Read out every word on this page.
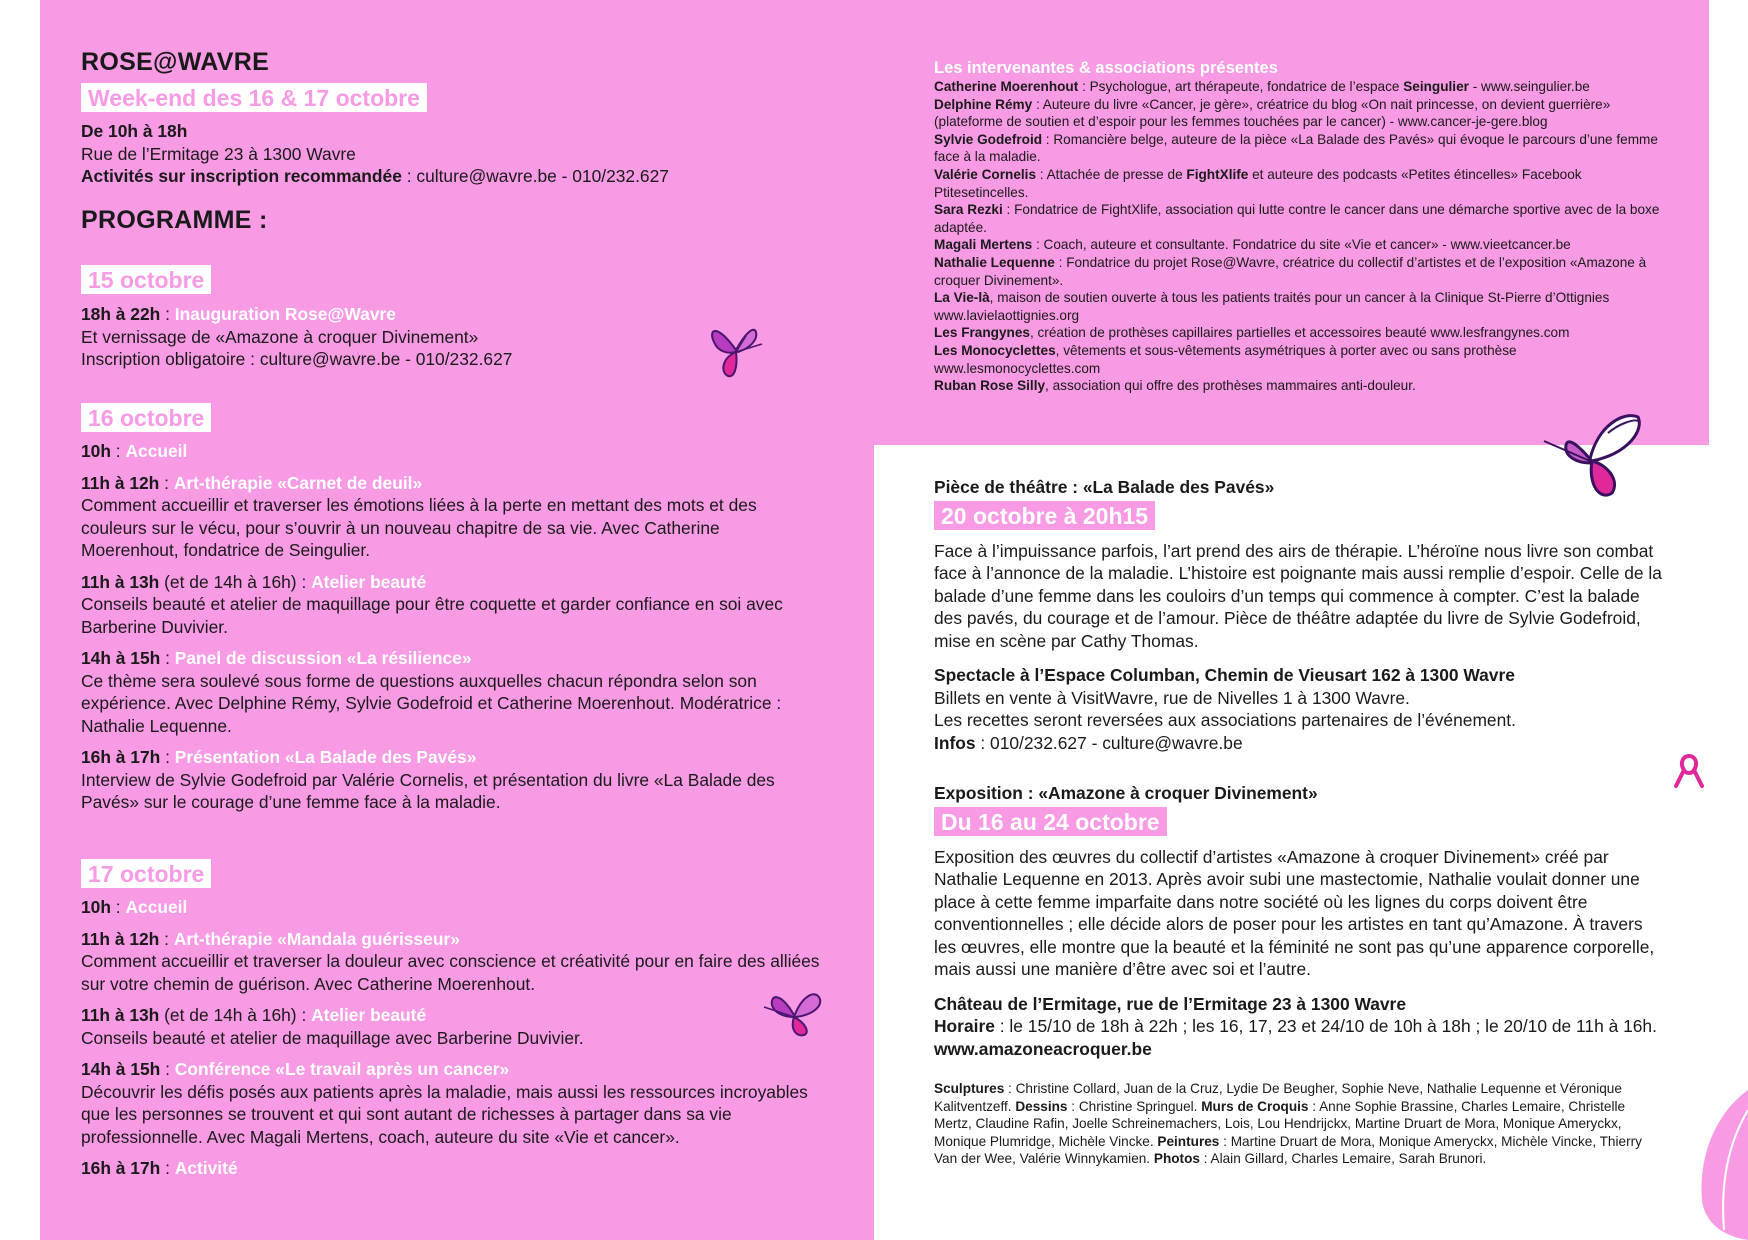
ROSE@WAVRE
Week-end des 16 & 17 octobre

De 10h à 18h

Rue de l’Ermitage 23 à 1300 Wavre

Activités sur inscription recommandée : culture@wavre.be - 010/232.627

PROGRAMME :
15 octobre

18h à 22h : Inauguration Rose@Wavre

Et vernissage de «Amazone à croquer Divinement»

Inscription obligatoire : culture@wavre.be - 010/232.627

16 octobre

10h : Accueil

11h à 12h : Art-thérapie «Carnet de deuil»

Comment accueillir et traverser les émotions liées à la perte en mettant des mots et des couleurs sur le vécu, pour s’ouvrir à un nouveau chapitre de sa vie. Avec Catherine Moerenhout, fondatrice de Seingulier.

11h à 13h (et de 14h à 16h) : Atelier beauté

Conseils beauté et atelier de maquillage pour être coquette et garder confiance en soi avec Barberine Duvivier.

14h à 15h : Panel de discussion «La résilience»

Ce thème sera soulevé sous forme de questions auxquelles chacun répondra selon son expérience. Avec Delphine Rémy, Sylvie Godefroid et Catherine Moerenhout. Modératrice : Nathalie Lequenne.

16h à 17h : Présentation «La Balade des Pavés»

Interview de Sylvie Godefroid par Valérie Cornelis, et présentation du livre «La Balade des Pavés» sur le courage d’une femme face à la maladie.

17 octobre

10h : Accueil

11h à 12h : Art-thérapie «Mandala guérisseur»

Comment accueillir et traverser la douleur avec conscience et créativité pour en faire des alliées sur votre chemin de guérison. Avec Catherine Moerenhout.

11h à 13h (et de 14h à 16h) : Atelier beauté

Conseils beauté et atelier de maquillage avec Barberine Duvivier.

14h à 15h : Conférence «Le travail après un cancer»

Découvrir les défis posés aux patients après la maladie, mais aussi les ressources incroyables que les personnes se trouvent et qui sont autant de richesses à partager dans sa vie professionnelle. Avec Magali Mertens, coach, auteure du site «Vie et cancer».

16h à 17h : Activité

Les intervenantes & associations présentes

Catherine Moerenhout : Psychologue, art thérapeute, fondatrice de l’espace Seingulier - www.seingulier.be

Delphine Rémy : Auteure du livre «Cancer, je gère», créatrice du blog «On nait princesse, on devient guerrière» (plateforme de soutien et d’espoir pour les femmes touchées par le cancer) - www.cancer-je-gere.blog

Sylvie Godefroid : Romancière belge, auteure de la pièce «La Balade des Pavés» qui évoque le parcours d’une femme face à la maladie.

Valérie Cornelis : Attachée de presse de FightXlife et auteure des podcasts «Petites étincelles» Facebook Ptitesetincelles.

Sara Rezki : Fondatrice de FightXlife, association qui lutte contre le cancer dans une démarche sportive avec de la boxe adaptée.

Magali Mertens : Coach, auteure et consultante. Fondatrice du site «Vie et cancer» - www.vieetcancer.be

Nathalie Lequenne : Fondatrice du projet Rose@Wavre, créatrice du collectif d’artistes et de l’exposition «Amazone à croquer Divinement».

La Vie-là, maison de soutien ouverte à tous les patients traités pour un cancer à la Clinique St-Pierre d’Ottignies www.lavielaottignies.org

Les Frangynes, création de prothèses capillaires partielles et accessoires beauté www.lesfrangynes.com

Les Monocyclettes, vêtements et sous-vêtements asymétriques à porter avec ou sans prothèse www.lesmonocyclettes.com

Ruban Rose Silly, association qui offre des prothèses mammaires anti-douleur.

Pièce de théâtre : «La Balade des Pavés»

20 octobre à 20h15

Face à l’impuissance parfois, l’art prend des airs de thérapie. L’héroïne nous livre son combat face à l’annonce de la maladie. L’histoire est poignante mais aussi remplie d’espoir. Celle de la balade d’une femme dans les couloirs d’un temps qui commence à compter. C’est la balade des pavés, du courage et de l’amour. Pièce de théâtre adaptée du livre de Sylvie Godefroid, mise en scène par Cathy Thomas.

Spectacle à l’Espace Columban, Chemin de Vieusart 162 à 1300 Wavre

Billets en vente à VisitWavre, rue de Nivelles 1 à 1300 Wavre.

Les recettes seront reversées aux associations partenaires de l’événement.

Infos : 010/232.627 - culture@wavre.be

Exposition : «Amazone à croquer Divinement»

Du 16 au 24 octobre

Exposition des œuvres du collectif d’artistes «Amazone à croquer Divinement» créé par Nathalie Lequenne en 2013. Après avoir subi une mastectomie, Nathalie voulait donner une place à cette femme imparfaite dans notre société où les lignes du corps doivent être conventionnelles ; elle décide alors de poser pour les artistes en tant qu’Amazone. À travers les œuvres, elle montre que la beauté et la féminité ne sont pas qu’une apparence corporelle, mais aussi une manière d’être avec soi et l’autre.

Château de l’Ermitage, rue de l’Ermitage 23 à 1300 Wavre

Horaire : le 15/10 de 18h à 22h ; les 16, 17, 23 et 24/10 de 10h à 18h ; le 20/10 de 11h à 16h.

www.amazoneacroquer.be

Sculptures : Christine Collard, Juan de la Cruz, Lydie De Beugher, Sophie Neve, Nathalie Lequenne et Véronique Kalitventzeff. Dessins : Christine Springuel. Murs de Croquis : Anne Sophie Brassine, Charles Lemaire, Christelle Mertz, Claudine Rafin, Joelle Schreinemachers, Lois, Lou Hendrijckx, Martine Druart de Mora, Monique Ameryckx, Monique Plumridge, Michèle Vincke. Peintures : Martine Druart de Mora, Monique Ameryckx, Michèle Vincke, Thierry Van der Wee, Valérie Winnykamien. Photos : Alain Gillard, Charles Lemaire, Sarah Brunori.
